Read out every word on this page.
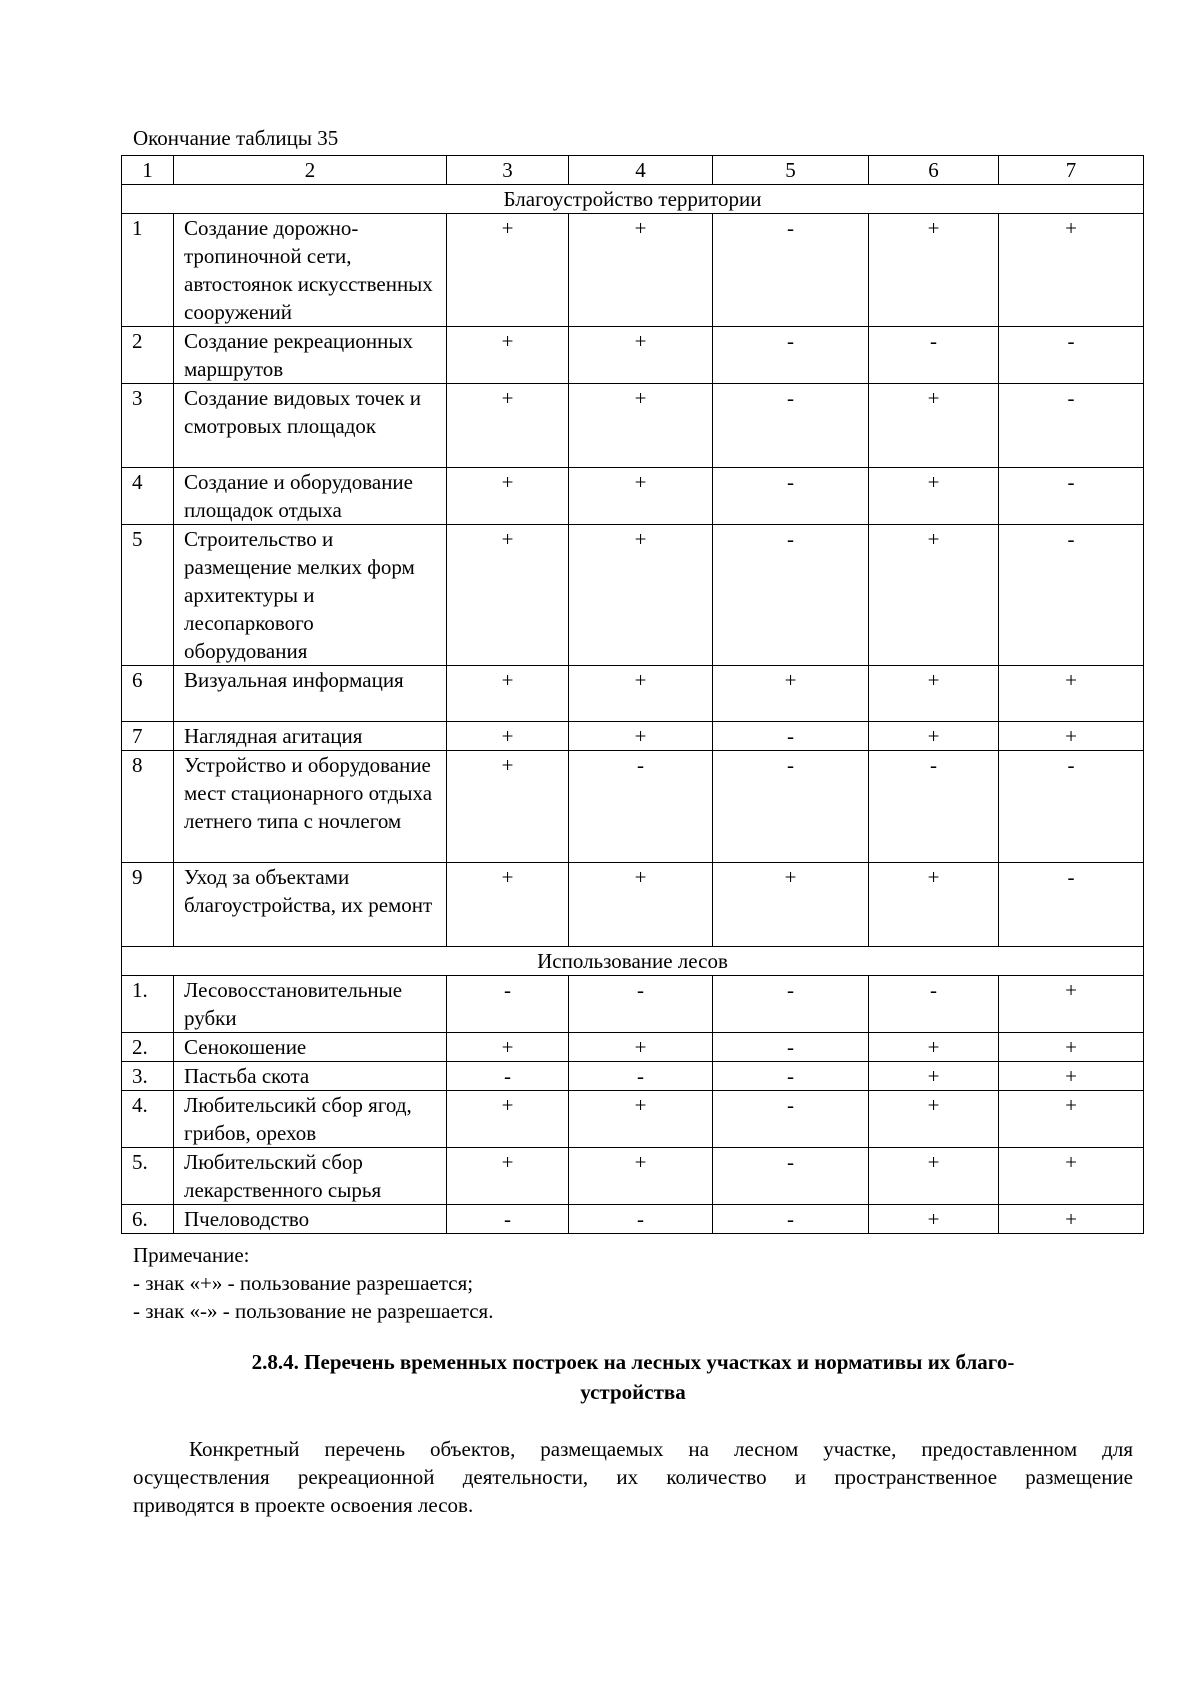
Окончание таблицы 35
1	2	3	4	5	6	7
Благоустройство территории						
1	Создание дорожно-тропиночной сети, автостоянок искусственных сооружений	+	+	-	+	+
2	Создание рекреационных маршрутов	+	+	-	-	-
3	Создание видовых точек и смотровых площадок	+	+	-	+	-
4	Создание и оборудование площадок отдыха	+	+	-	+	-
5	Строительство и размещение мелких форм архитектуры и лесопаркового оборудования	+	+	-	+	-
6	Визуальная информация	+	+	+	+	+
7	Наглядная агитация	+	+	-	+	+
8	Устройство и оборудование мест стационарного отдыха летнего типа с ночлегом	+	-	-	-	-
9	Уход за объектами благоустройства, их ремонт	+	+	+	+	-
Использование лесов						
1.	Лесовосстановительные рубки	-	-	-	-	+
2.	Сенокошение	+	+	-	+	+
3.	Пастьба скота	-	-	-	+	+
4.	Любительсикй сбор ягод, грибов, орехов	+	+	-	+	+
5.	Любительский сбор лекарственного сырья	+	+	-	+	+
6.	Пчеловодство	-	-	-	+	+
Примечание:
- знак «+» - пользование разрешается;
- знак «-» - пользование не разрешается.
2.8.4. Перечень временных построек на лесных участках и нормативы их благо-
устройства
Конкретный перечень объектов, размещаемых на лесном участке, предоставленном для
осуществления рекреационной деятельности, их количество и пространственное размещение
приводятся в проекте освоения лесов.
